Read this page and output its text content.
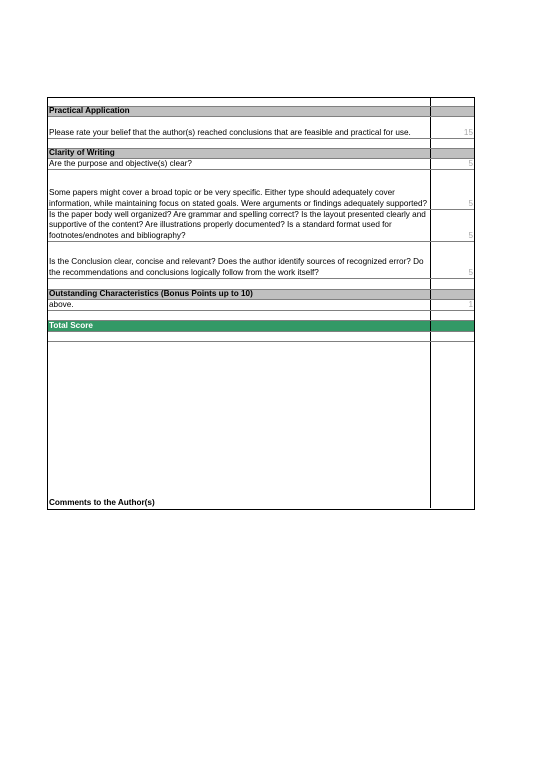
Practical Application
Please rate your belief that the author(s) reached conclusions that are feasible and practical for use.	15
Clarity of Writing
Are the purpose and objective(s) clear?	5
Some papers might cover a broad topic or be very specific. Either type should adequately cover information, while maintaining focus on stated goals. Were arguments or findings adequately supported?	5
Is the paper body well organized? Are grammar and spelling correct? Is the layout presented clearly and supportive of the content? Are illustrations properly documented? Is a standard format used for footnotes/endnotes and bibliography?	5
Is the Conclusion clear, concise and relevant? Does the author identify sources of recognized error? Do the recommendations and conclusions logically follow from the work itself?	5
Outstanding Characteristics (Bonus Points up to 10)
above.	1
Total Score
Comments to the Author(s)
